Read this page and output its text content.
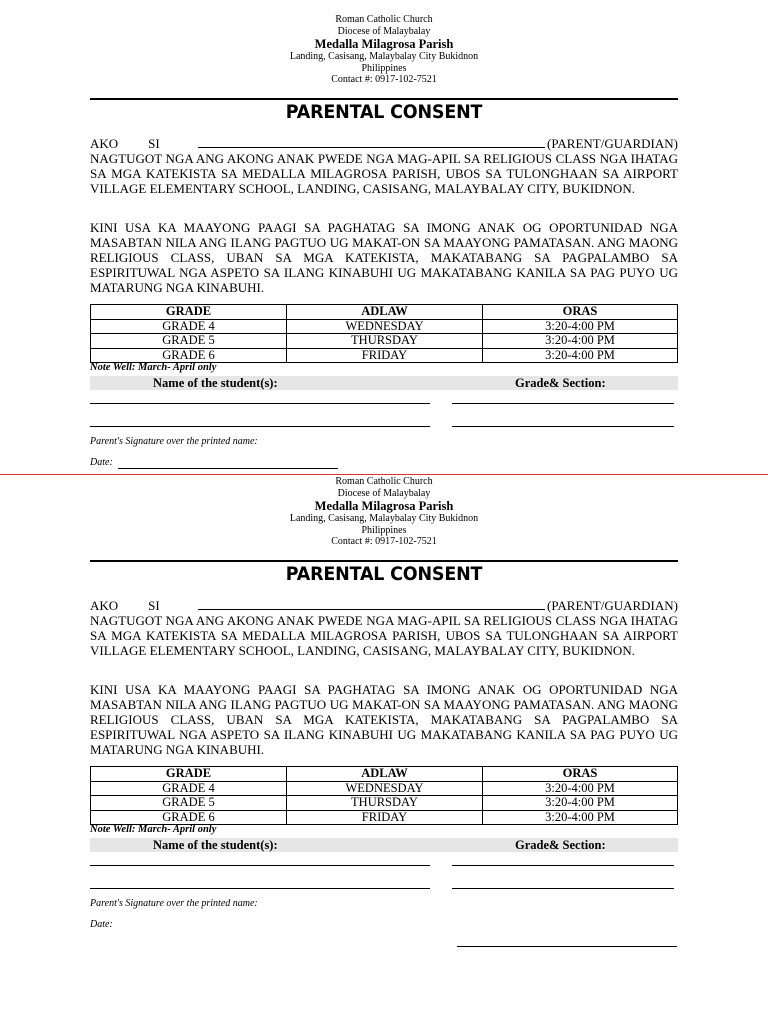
Roman Catholic Church
Diocese of Malaybalay
Medalla Milagrosa Parish
Landing, Casisang, Malaybalay City Bukidnon
Philippines
Contact #: 0917-102-7521
PARENTAL CONSENT
AKO SI	(PARENT/GUARDIAN)
NAGTUGOT NGA ANG AKONG ANAK PWEDE NGA MAG-APIL SA RELIGIOUS CLASS NGA IHATAG SA MGA KATEKISTA SA MEDALLA MILAGROSA PARISH, UBOS SA TULONGHAAN SA AIRPORT VILLAGE ELEMENTARY SCHOOL, LANDING, CASISANG, MALAYBALAY CITY, BUKIDNON.
KINI USA KA MAAYONG PAAGI SA PAGHATAG SA IMONG ANAK OG OPORTUNIDAD NGA MASABTAN NILA ANG ILANG PAGTUO UG MAKAT-ON SA MAAYONG PAMATASAN. ANG MAONG RELIGIOUS CLASS, UBAN SA MGA KATEKISTA, MAKATABANG SA PAGPALAMBO SA ESPIRITUWAL NGA ASPETO SA ILANG KINABUHI UG MAKATABANG KANILA SA PAG PUYO UG MATARUNG NGA KINABUHI.
GRADE	ADLAW	ORAS
GRADE 4	WEDNESDAY	3:20-4:00 PM
GRADE 5	THURSDAY	3:20-4:00 PM
GRADE 6	FRIDAY	3:20-4:00 PM
Note Well: March- April only
Name of the student(s):	Grade& Section:
Parent's Signature over the printed name:
Date:
Roman Catholic Church
Diocese of Malaybalay
Medalla Milagrosa Parish
Landing, Casisang, Malaybalay City Bukidnon
Philippines
Contact #: 0917-102-7521
PARENTAL CONSENT
AKO SI	(PARENT/GUARDIAN)
NAGTUGOT NGA ANG AKONG ANAK PWEDE NGA MAG-APIL SA RELIGIOUS CLASS NGA IHATAG SA MGA KATEKISTA SA MEDALLA MILAGROSA PARISH, UBOS SA TULONGHAAN SA AIRPORT VILLAGE ELEMENTARY SCHOOL, LANDING, CASISANG, MALAYBALAY CITY, BUKIDNON.
KINI USA KA MAAYONG PAAGI SA PAGHATAG SA IMONG ANAK OG OPORTUNIDAD NGA MASABTAN NILA ANG ILANG PAGTUO UG MAKAT-ON SA MAAYONG PAMATASAN. ANG MAONG RELIGIOUS CLASS, UBAN SA MGA KATEKISTA, MAKATABANG SA PAGPALAMBO SA ESPIRITUWAL NGA ASPETO SA ILANG KINABUHI UG MAKATABANG KANILA SA PAG PUYO UG MATARUNG NGA KINABUHI.
GRADE	ADLAW	ORAS
GRADE 4	WEDNESDAY	3:20-4:00 PM
GRADE 5	THURSDAY	3:20-4:00 PM
GRADE 6	FRIDAY	3:20-4:00 PM
Note Well: March- April only
Name of the student(s):	Grade& Section:
Parent's Signature over the printed name:
Date:
